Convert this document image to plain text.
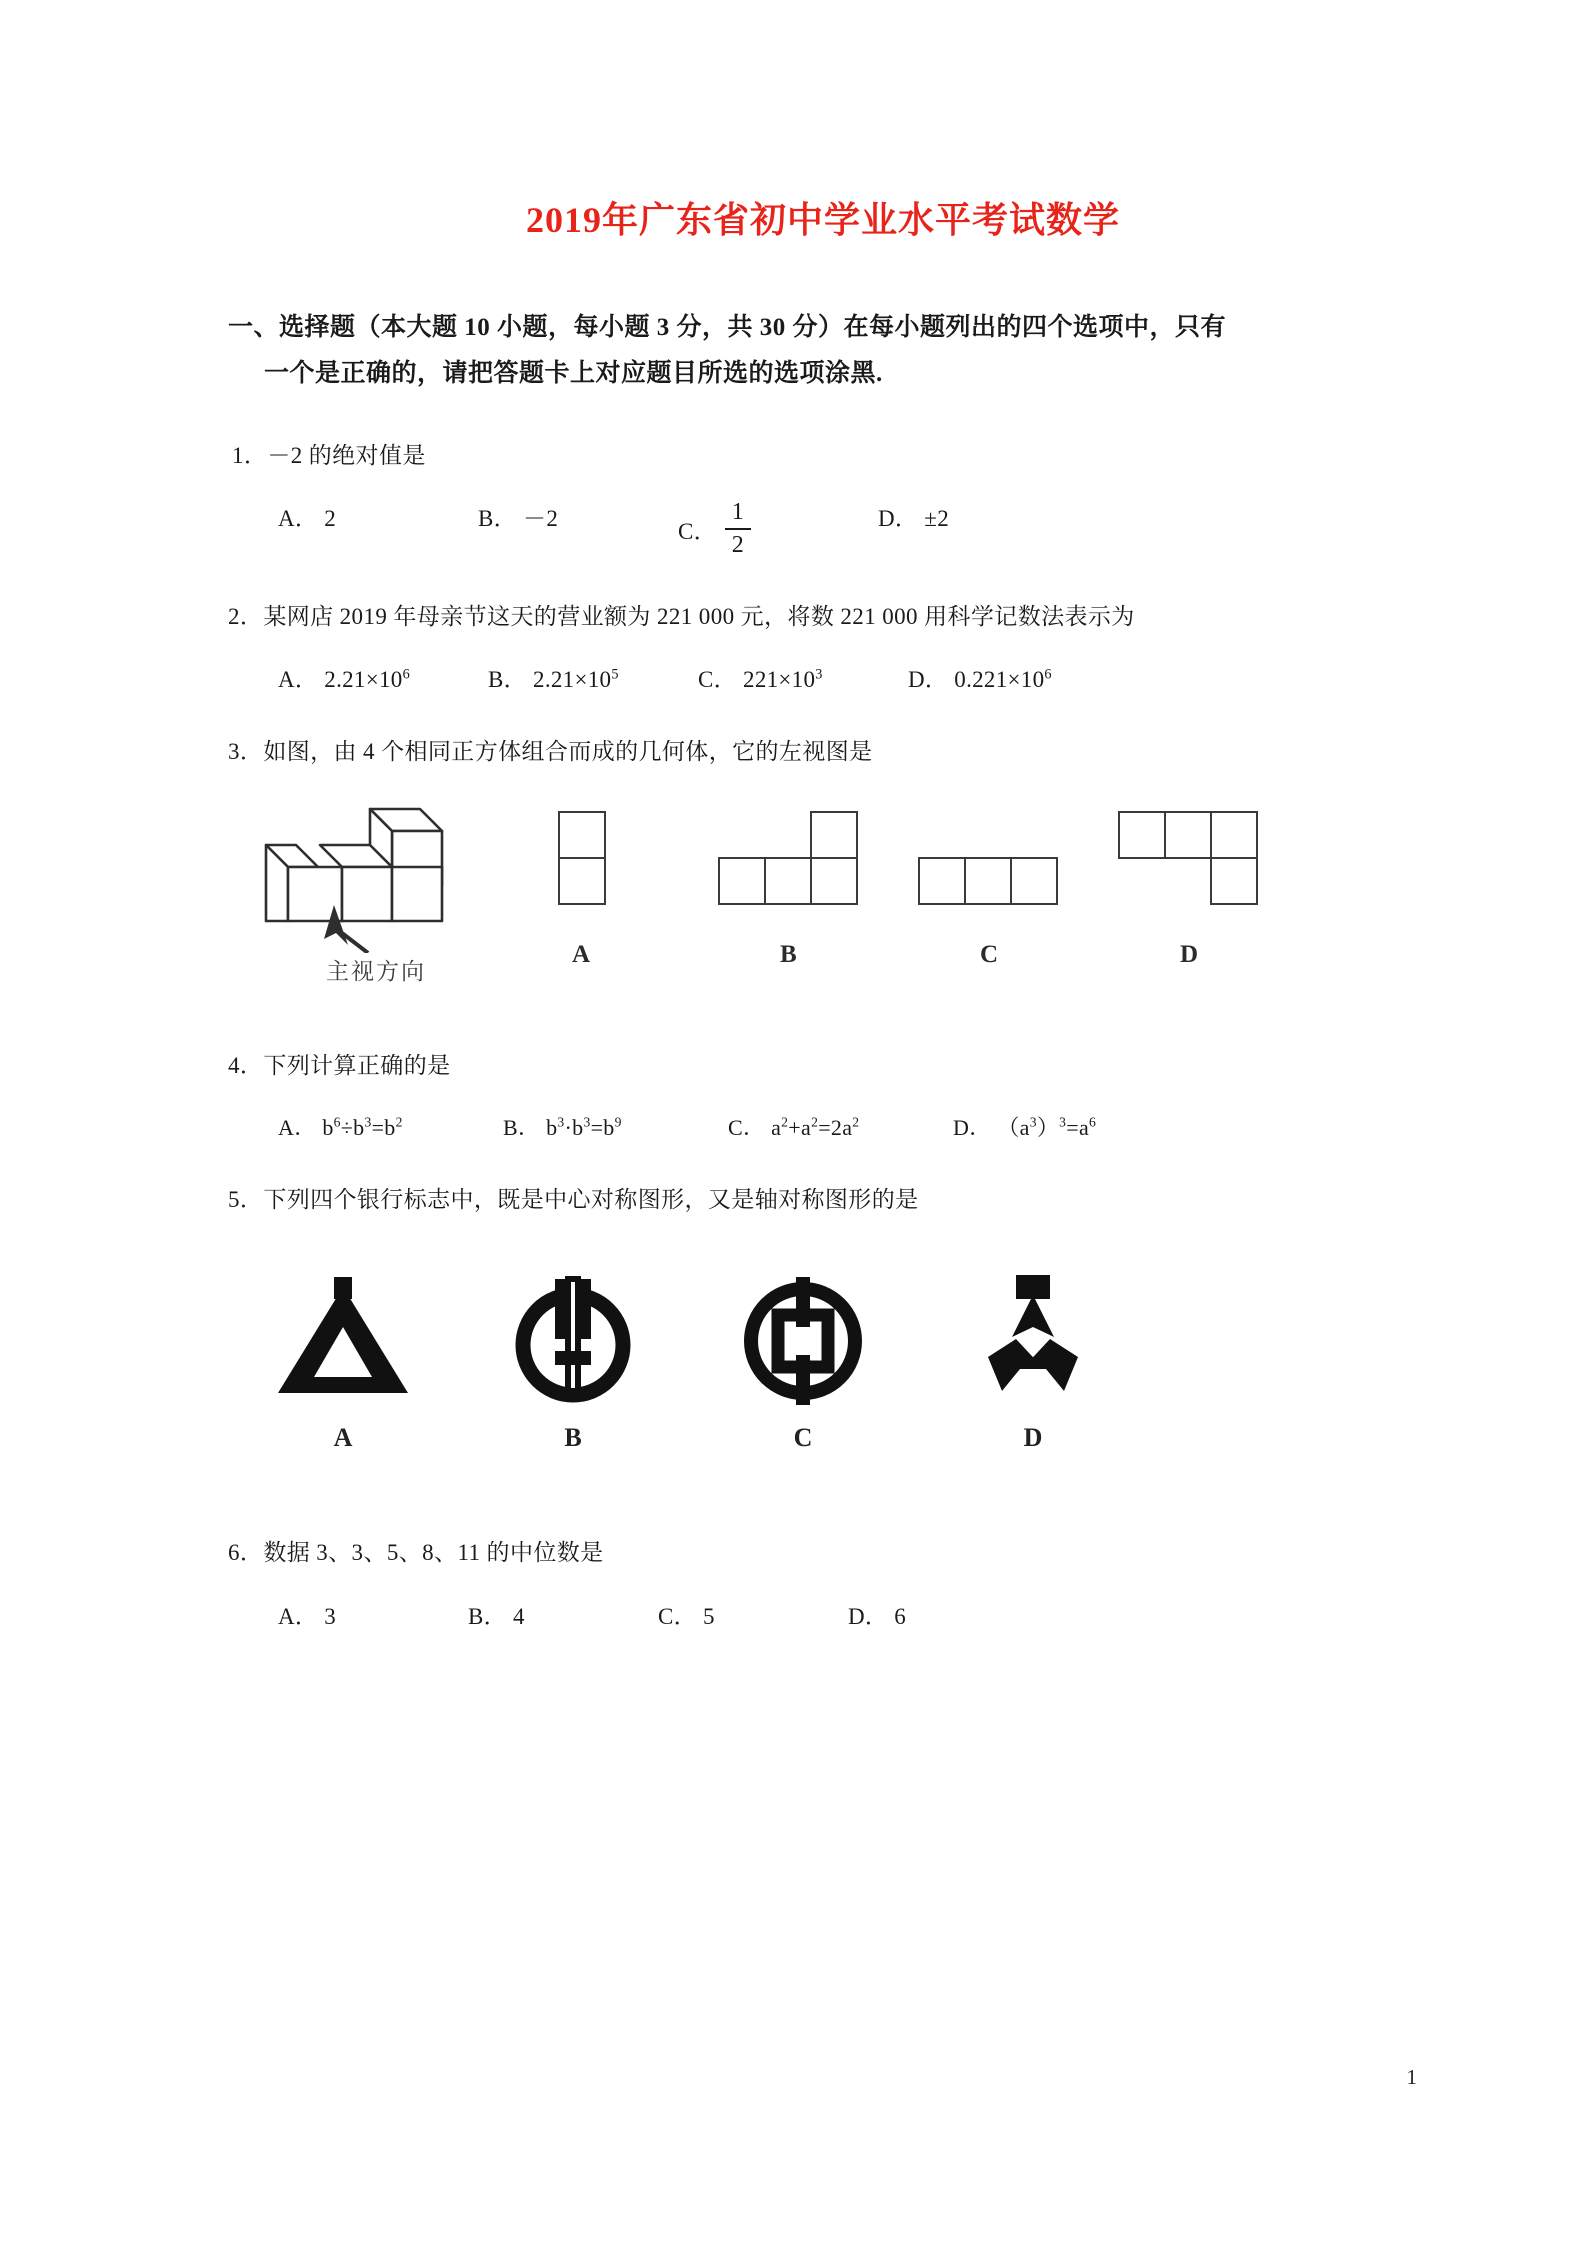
2019年广东省初中学业水平考试数学
一、选择题（本大题 10 小题，每小题 3 分，共 30 分）在每小题列出的四个选项中，只有
一个是正确的，请把答题卡上对应题目所选的选项涂黑.
1．－2 的绝对值是
A． 2	B． －2
C． $\frac{1}{2}$	D． ±2
2．某网店 2019 年母亲节这天的营业额为 221 000 元，将数 221 000 用科学记数法表示为
A． $2.21\times 10^6$	B． $2.21\times 10^5$	C． $221\times 10^3$	D． $0.221\times 10^6$
3．如图，由 4 个相同正方体组合而成的几何体，它的左视图是
主视方向
A	B	C	D
4．下列计算正确的是
A． $b^6\div b^3=b^2$	B． $b^3\cdot b^3=b^9$	C． $a^2+a^2=2a^2$	D． $(a^3)^3=a^6$
5．下列四个银行标志中，既是中心对称图形，又是轴对称图形的是
A	B	C	D
6．数据 3、3、5、8、11 的中位数是
A． 3	B． 4	C． 5	D． 6
1
